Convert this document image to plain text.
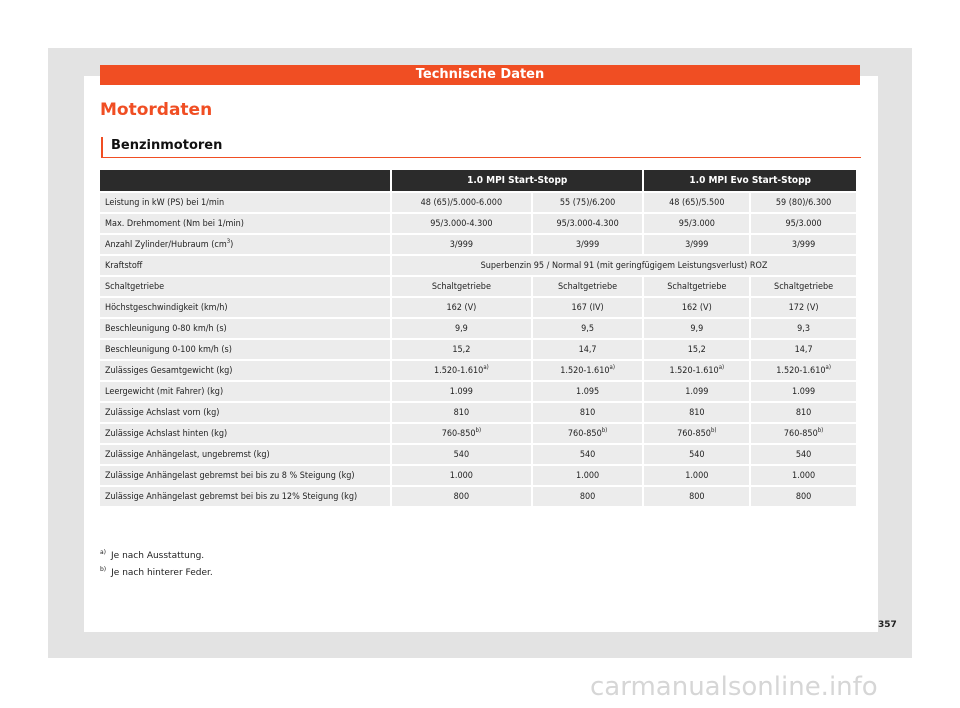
Technische Daten
Motordaten
Benzinmotoren
	1.0 MPI Start-Stopp		1.0 MPI Evo Start-Stopp	
Leistung in kW (PS) bei 1/min	48 (65)/5.000-6.000	55 (75)/6.200	48 (65)/5.500	59 (80)/6.300
Max. Drehmoment (Nm bei 1/min)	95/3.000-4.300	95/3.000-4.300	95/3.000	95/3.000
Anzahl Zylinder/Hubraum $(cm^3)$	3/999	3/999	3/999	3/999
Kraftstoff	Superbenzin 95 / Normal 91 (mit geringfügigem Leistungsverlust) ROZ			
Schaltgetriebe	Schaltgetriebe	Schaltgetriebe	Schaltgetriebe	Schaltgetriebe
Höchstgeschwindigkeit (km/h)	162 (V)	167 (IV)	162 (V)	172 (V)
Beschleunigung 0-80 km/h (s)	9,9	9,5	9,9	9,3
Beschleunigung 0-100 km/h (s)	15,2	14,7	15,2	14,7
Zulässiges Gesamtgewicht (kg)	1.520-1.610$^{a)}$	1.520-1.610$^{a)}$	1.520-1.610$^{a)}$	1.520-1.610$^{a)}$
Leergewicht (mit Fahrer) (kg)	1.099	1.095	1.099	1.099
Zulässige Achslast vorn (kg)	810	810	810	810
Zulässige Achslast hinten (kg)	760-850$^{b)}$	760-850$^{b)}$	760-850$^{b)}$	760-850$^{b)}$
Zulässige Anhängelast, ungebremst (kg)	540	540	540	540
Zulässige Anhängelast gebremst bei bis zu 8 % Steigung (kg)	1.000	1.000	1.000	1.000
Zulässige Anhängelast gebremst bei bis zu 12% Steigung (kg)	800	800	800	800
$^{a)}$ Je nach Ausstattung.
$^{b)}$ Je nach hinterer Feder.
357
carmanualsonline.info
